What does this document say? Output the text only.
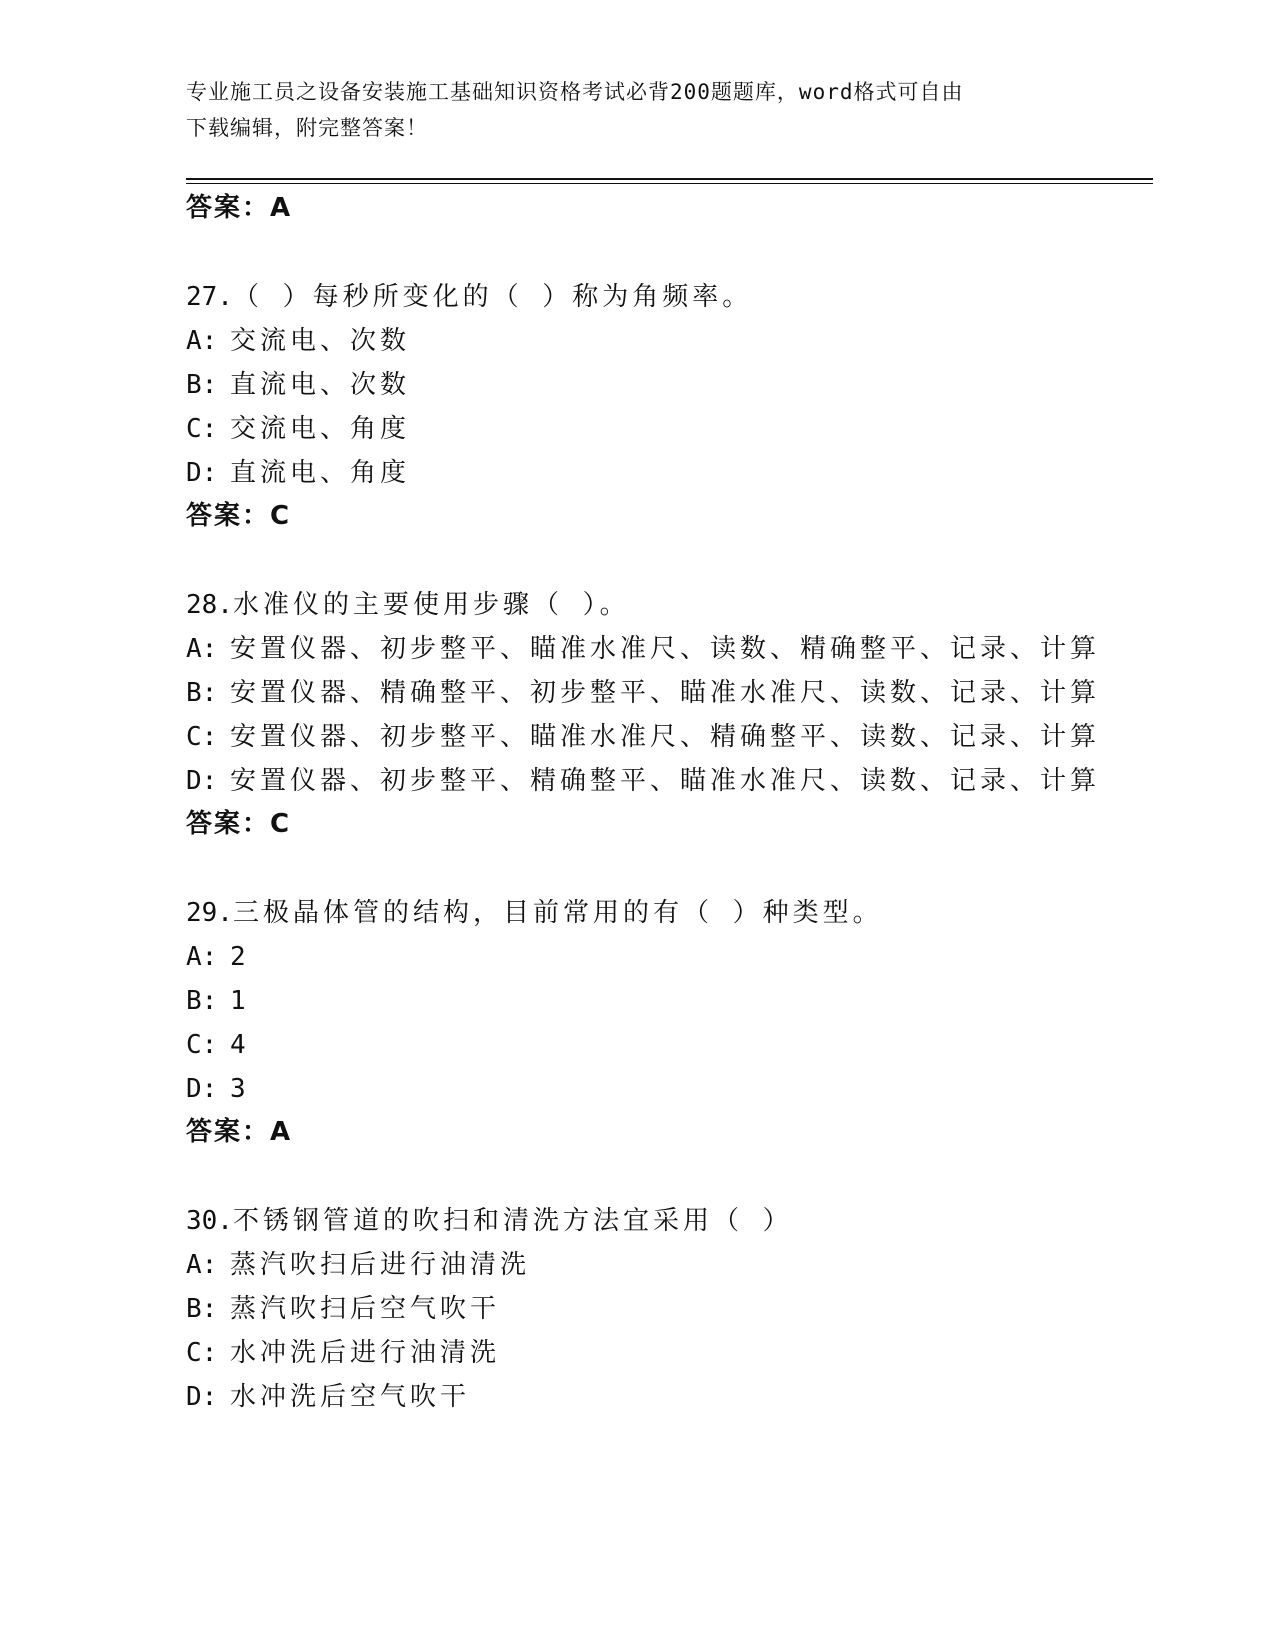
专业施工员之设备安装施工基础知识资格考试必背200题题库，word格式可自由
下载编辑，附完整答案！
答案：A
27.（ ）每秒所变化的（ ）称为角频率。
A: 交流电、次数
B: 直流电、次数
C: 交流电、角度
D: 直流电、角度
答案：C
28.水准仪的主要使用步骤（ ）。
A: 安置仪器、初步整平、瞄准水准尺、读数、精确整平、记录、计算
B: 安置仪器、精确整平、初步整平、瞄准水准尺、读数、记录、计算
C: 安置仪器、初步整平、瞄准水准尺、精确整平、读数、记录、计算
D: 安置仪器、初步整平、精确整平、瞄准水准尺、读数、记录、计算
答案：C
29.三极晶体管的结构，目前常用的有（ ）种类型。
A: 2
B: 1
C: 4
D: 3
答案：A
30.不锈钢管道的吹扫和清洗方法宜采用（ ）
A: 蒸汽吹扫后进行油清洗
B: 蒸汽吹扫后空气吹干
C: 水冲洗后进行油清洗
D: 水冲洗后空气吹干
